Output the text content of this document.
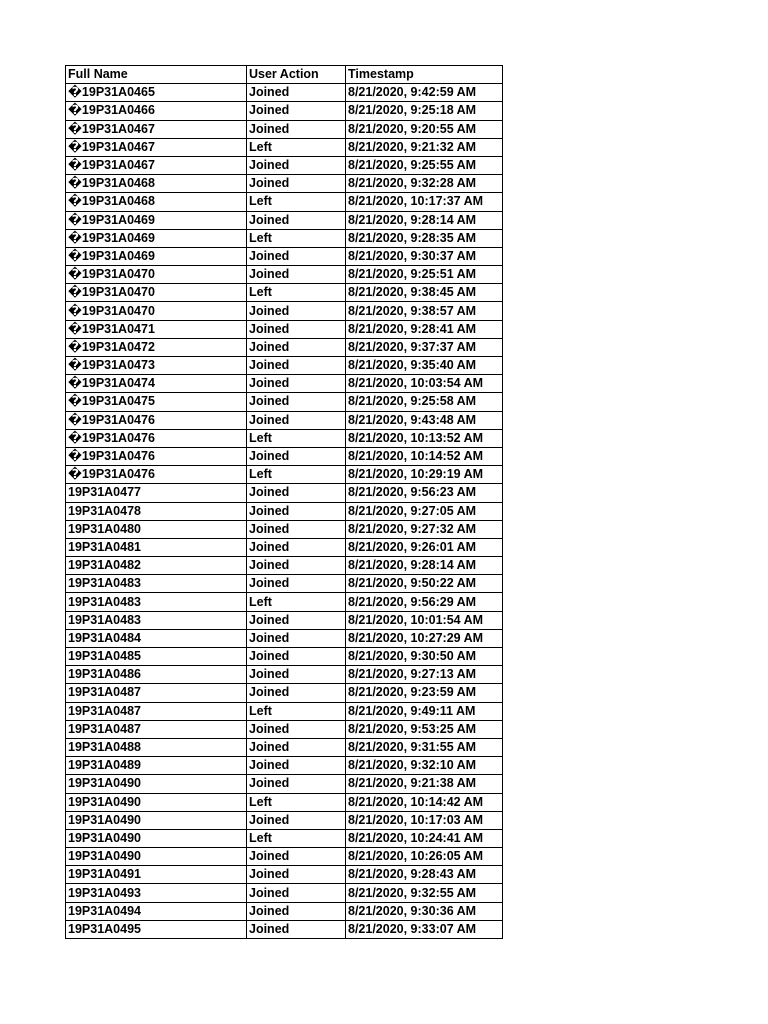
Full Name	User Action	Timestamp
�19P31A0465	Joined	8/21/2020, 9:42:59 AM
�19P31A0466	Joined	8/21/2020, 9:25:18 AM
�19P31A0467	Joined	8/21/2020, 9:20:55 AM
�19P31A0467	Left	8/21/2020, 9:21:32 AM
�19P31A0467	Joined	8/21/2020, 9:25:55 AM
�19P31A0468	Joined	8/21/2020, 9:32:28 AM
�19P31A0468	Left	8/21/2020, 10:17:37 AM
�19P31A0469	Joined	8/21/2020, 9:28:14 AM
�19P31A0469	Left	8/21/2020, 9:28:35 AM
�19P31A0469	Joined	8/21/2020, 9:30:37 AM
�19P31A0470	Joined	8/21/2020, 9:25:51 AM
�19P31A0470	Left	8/21/2020, 9:38:45 AM
�19P31A0470	Joined	8/21/2020, 9:38:57 AM
�19P31A0471	Joined	8/21/2020, 9:28:41 AM
�19P31A0472	Joined	8/21/2020, 9:37:37 AM
�19P31A0473	Joined	8/21/2020, 9:35:40 AM
�19P31A0474	Joined	8/21/2020, 10:03:54 AM
�19P31A0475	Joined	8/21/2020, 9:25:58 AM
�19P31A0476	Joined	8/21/2020, 9:43:48 AM
�19P31A0476	Left	8/21/2020, 10:13:52 AM
�19P31A0476	Joined	8/21/2020, 10:14:52 AM
�19P31A0476	Left	8/21/2020, 10:29:19 AM
19P31A0477	Joined	8/21/2020, 9:56:23 AM
19P31A0478	Joined	8/21/2020, 9:27:05 AM
19P31A0480	Joined	8/21/2020, 9:27:32 AM
19P31A0481	Joined	8/21/2020, 9:26:01 AM
19P31A0482	Joined	8/21/2020, 9:28:14 AM
19P31A0483	Joined	8/21/2020, 9:50:22 AM
19P31A0483	Left	8/21/2020, 9:56:29 AM
19P31A0483	Joined	8/21/2020, 10:01:54 AM
19P31A0484	Joined	8/21/2020, 10:27:29 AM
19P31A0485	Joined	8/21/2020, 9:30:50 AM
19P31A0486	Joined	8/21/2020, 9:27:13 AM
19P31A0487	Joined	8/21/2020, 9:23:59 AM
19P31A0487	Left	8/21/2020, 9:49:11 AM
19P31A0487	Joined	8/21/2020, 9:53:25 AM
19P31A0488	Joined	8/21/2020, 9:31:55 AM
19P31A0489	Joined	8/21/2020, 9:32:10 AM
19P31A0490	Joined	8/21/2020, 9:21:38 AM
19P31A0490	Left	8/21/2020, 10:14:42 AM
19P31A0490	Joined	8/21/2020, 10:17:03 AM
19P31A0490	Left	8/21/2020, 10:24:41 AM
19P31A0490	Joined	8/21/2020, 10:26:05 AM
19P31A0491	Joined	8/21/2020, 9:28:43 AM
19P31A0493	Joined	8/21/2020, 9:32:55 AM
19P31A0494	Joined	8/21/2020, 9:30:36 AM
19P31A0495	Joined	8/21/2020, 9:33:07 AM
